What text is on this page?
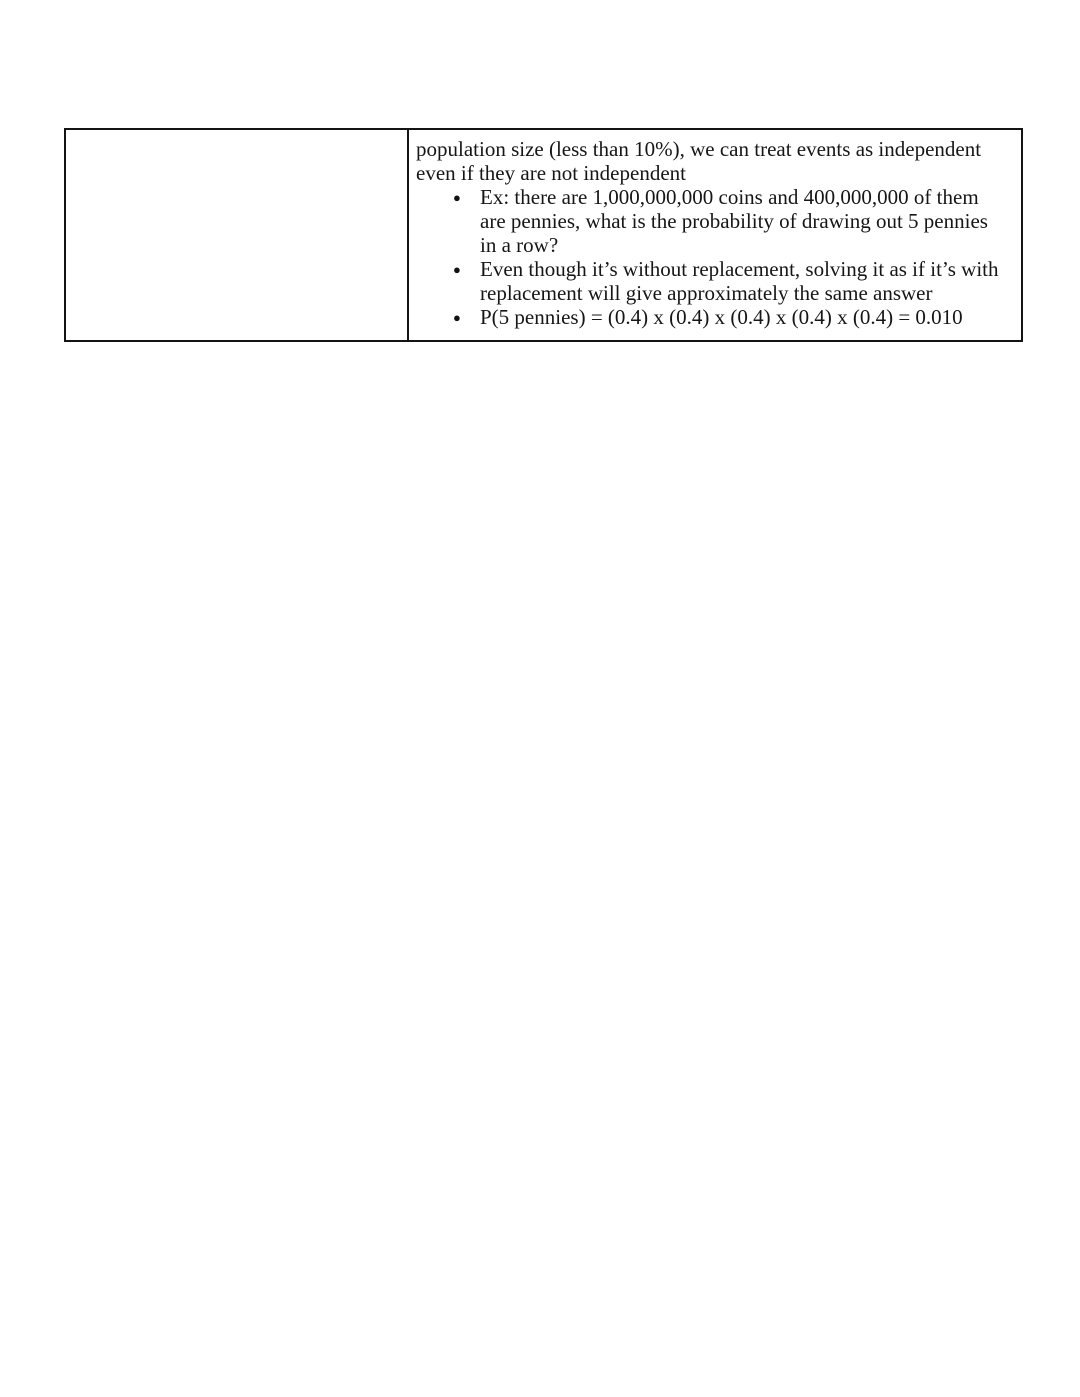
population size (less than 10%), we can treat events as independent even if they are not independent

● Ex: there are 1,000,000,000 coins and 400,000,000 of them are pennies, what is the probability of drawing out 5 pennies in a row?
● Even though it’s without replacement, solving it as if it’s with replacement will give approximately the same answer
● P(5 pennies) = (0.4) x (0.4) x (0.4) x (0.4) x (0.4) = 0.010
